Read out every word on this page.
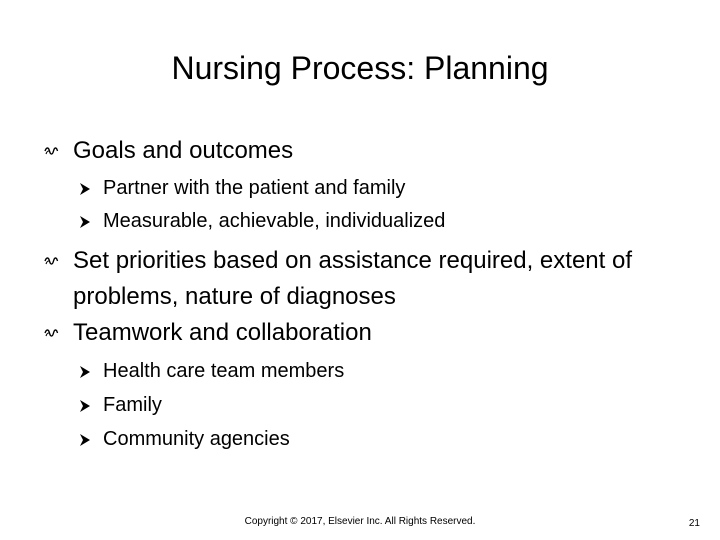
Nursing Process: Planning
Goals and outcomes
Partner with the patient and family
Measurable, achievable, individualized
Set priorities based on assistance required, extent of problems, nature of diagnoses
Teamwork and collaboration
Health care team members
Family
Community agencies
Copyright © 2017, Elsevier Inc. All Rights Reserved.	21
